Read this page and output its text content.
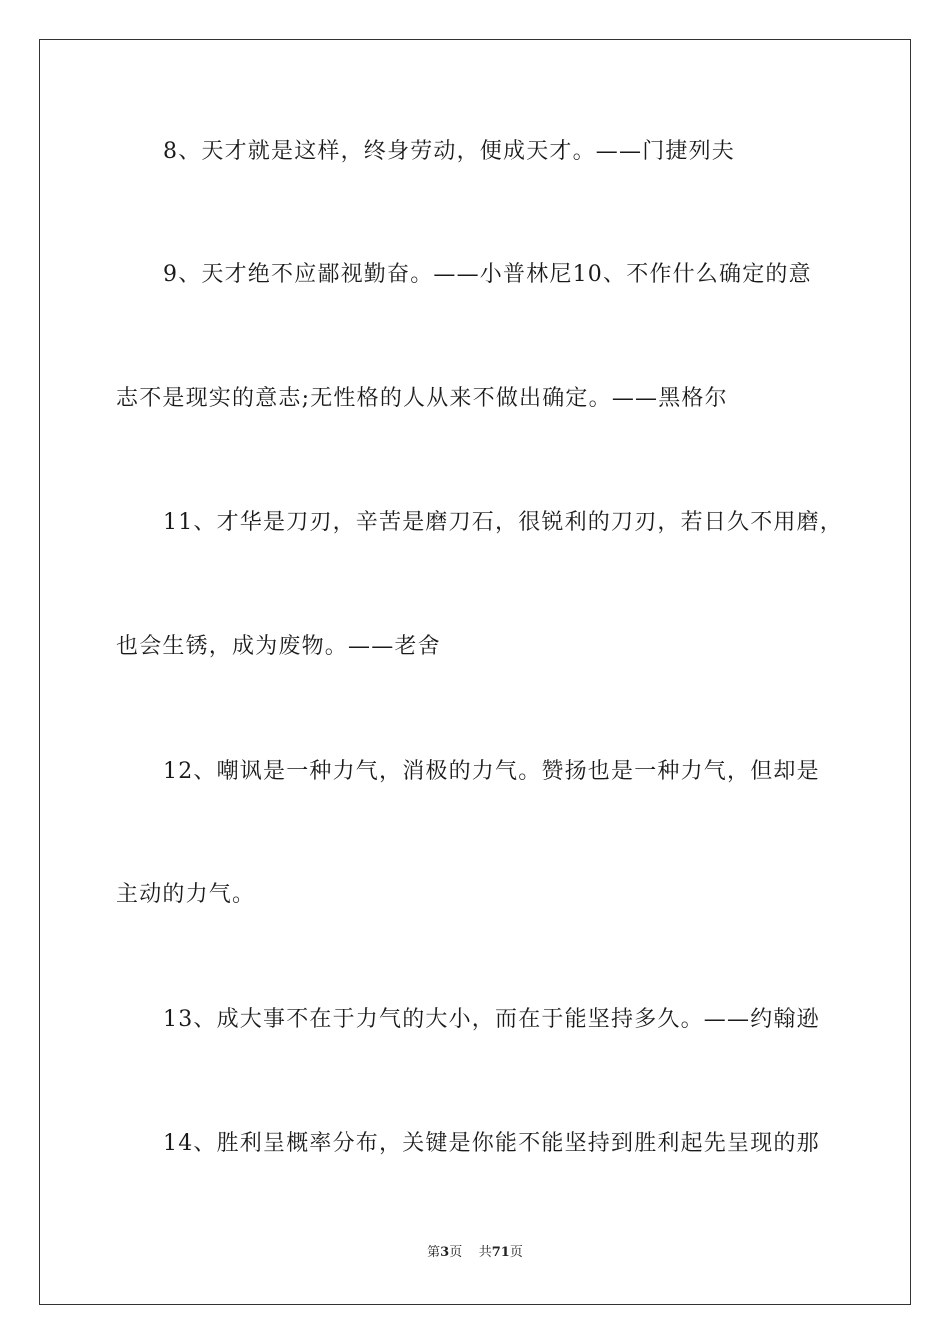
8、天才就是这样，终身劳动，便成天才。——门捷列夫
9、天才绝不应鄙视勤奋。——小普林尼10、不作什么确定的意
志不是现实的意志;无性格的人从来不做出确定。——黑格尔
11、才华是刀刃，辛苦是磨刀石，很锐利的刀刃，若日久不用磨，
也会生锈，成为废物。——老舍
12、嘲讽是一种力气，消极的力气。赞扬也是一种力气，但却是
主动的力气。
13、成大事不在于力气的大小，而在于能坚持多久。——约翰逊
14、胜利呈概率分布，关键是你能不能坚持到胜利起先呈现的那
第3页 共71页
